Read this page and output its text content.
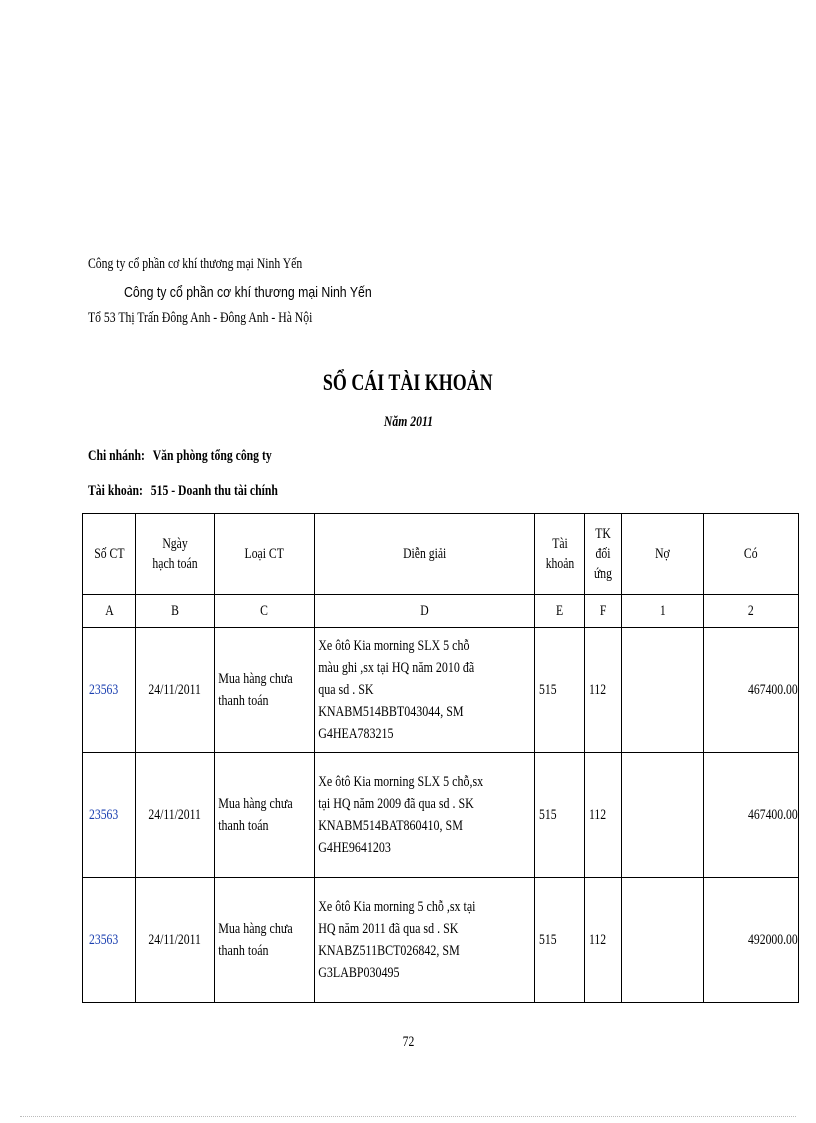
Công ty cổ phần cơ khí thương mại Ninh Yến
Công ty cổ phần cơ khí thương mại Ninh Yến
Tổ 53 Thị Trấn Đông Anh - Đông Anh - Hà Nội
SỔ CÁI TÀI KHOẢN
Năm 2011
Chi nhánh: Văn phòng tổng công ty
Tài khoản: 515 - Doanh thu tài chính
Số CT	Ngày hạch toán	Loại CT	Diễn giải	Tài khoản	TK đối ứng	Nợ	Có
A	B	C	D	E	F	1	2
23563	24/11/2011	Mua hàng chưa thanh toán	Xe ôtô Kia morning SLX 5 chỗ màu ghi ,sx tại HQ năm 2010 đã qua sd . SK KNABM514BBT043044, SM G4HEA783215	515	112		467400.00
23563	24/11/2011	Mua hàng chưa thanh toán	Xe ôtô Kia morning SLX 5 chỗ,sx tại HQ năm 2009 đã qua sd . SK KNABM514BAT860410, SM G4HE9641203	515	112		467400.00
23563	24/11/2011	Mua hàng chưa thanh toán	Xe ôtô Kia morning 5 chỗ ,sx tại HQ năm 2011 đã qua sd . SK KNABZ511BCT026842, SM G3LABP030495	515	112		492000.00
72
